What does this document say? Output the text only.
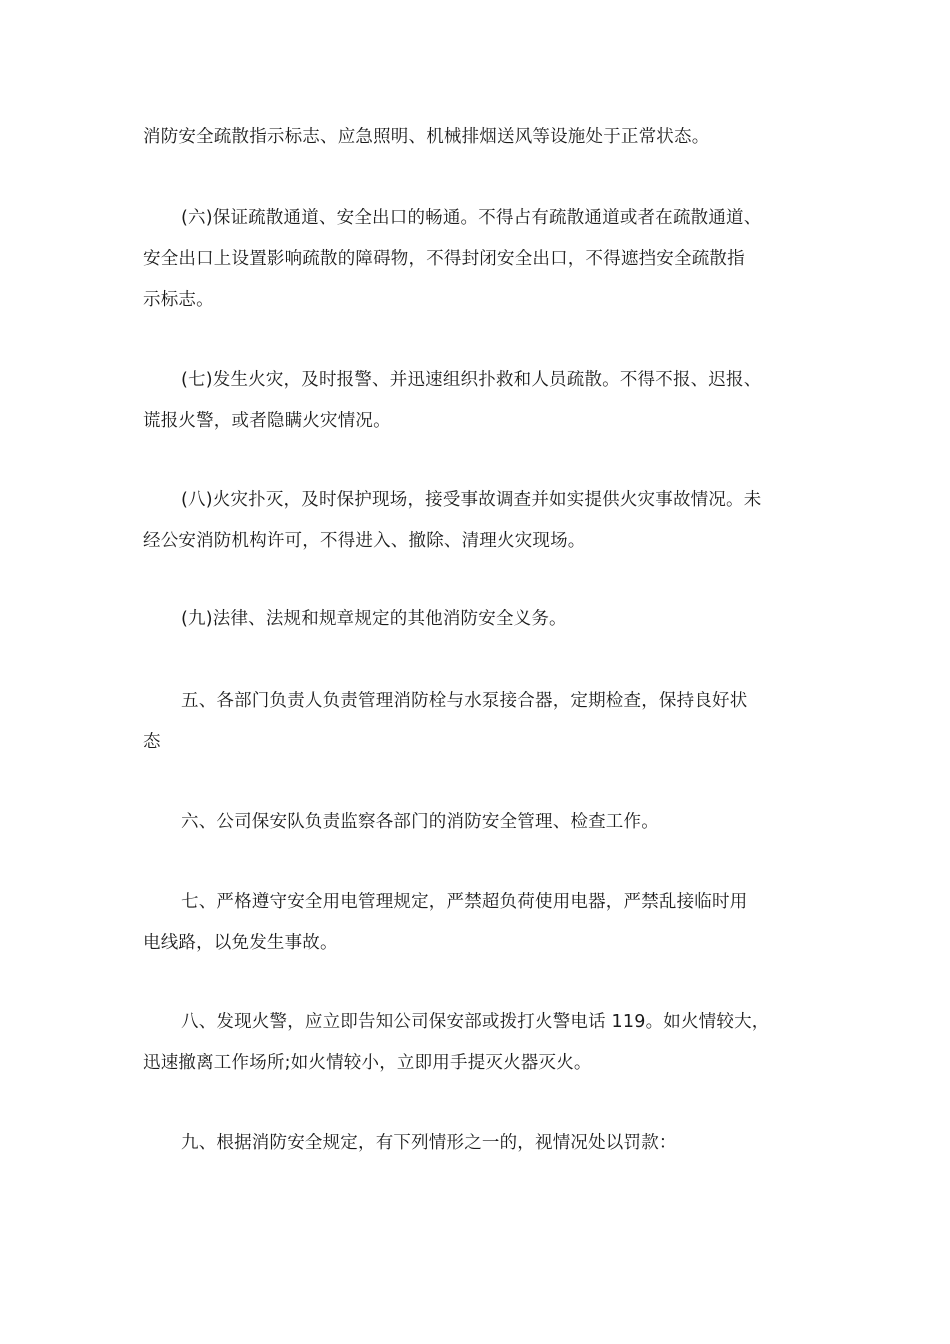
消防安全疏散指示标志、应急照明、机械排烟送风等设施处于正常状态。

(六)保证疏散通道、安全出口的畅通。不得占有疏散通道或者在疏散通道、
安全出口上设置影响疏散的障碍物，不得封闭安全出口，不得遮挡安全疏散指
示标志。

(七)发生火灾，及时报警、并迅速组织扑救和人员疏散。不得不报、迟报、
谎报火警，或者隐瞒火灾情况。

(八)火灾扑灭，及时保护现场，接受事故调查并如实提供火灾事故情况。未
经公安消防机构许可，不得进入、撤除、清理火灾现场。

(九)法律、法规和规章规定的其他消防安全义务。

五、各部门负责人负责管理消防栓与水泵接合器，定期检查，保持良好状
态

六、公司保安队负责监察各部门的消防安全管理、检查工作。

七、严格遵守安全用电管理规定，严禁超负荷使用电器，严禁乱接临时用
电线路，以免发生事故。

八、发现火警，应立即告知公司保安部或拨打火警电话 119。如火情较大，
迅速撤离工作场所;如火情较小，立即用手提灭火器灭火。

九、根据消防安全规定，有下列情形之一的，视情况处以罚款：
